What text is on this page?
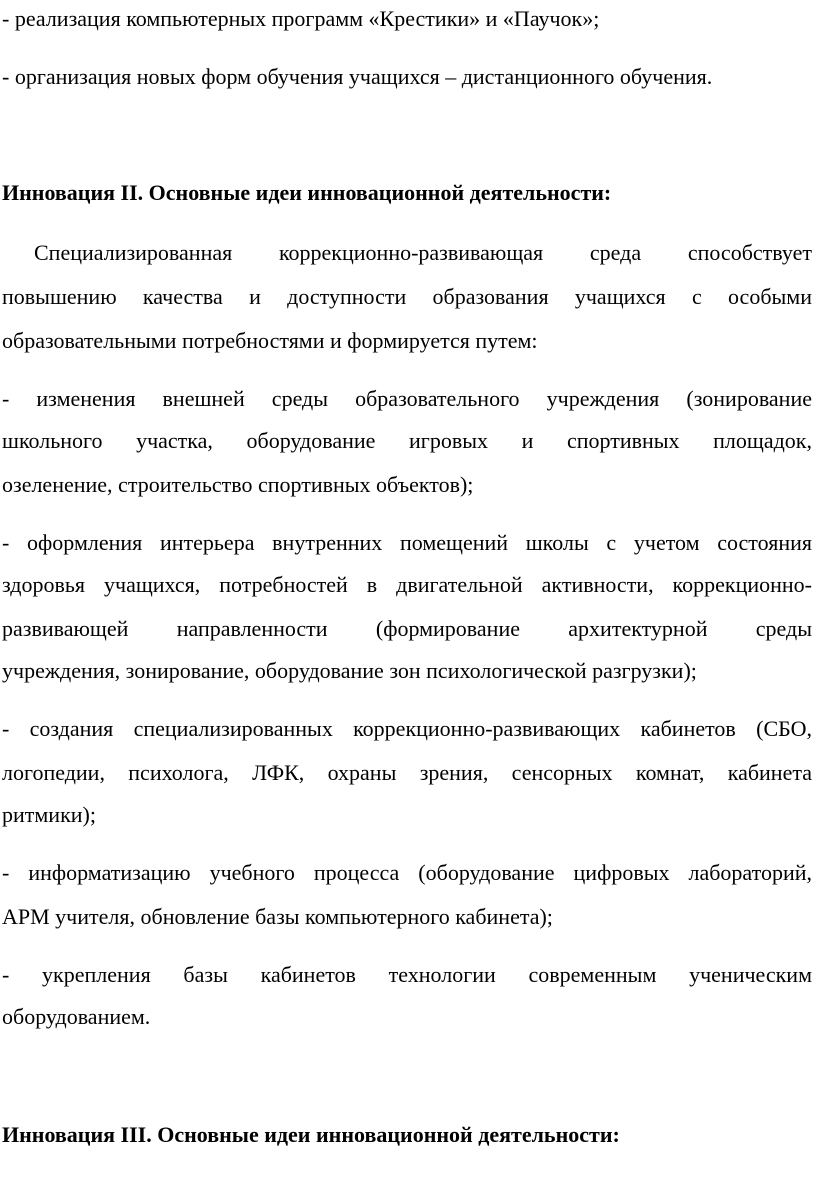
- реализация компьютерных программ «Крестики» и «Паучок»;
- организация новых форм обучения учащихся – дистанционного обучения.
Инновация II. Основные идеи инновационной деятельности:
Специализированная коррекционно-развивающая среда способствует
повышению качества и доступности образования учащихся с особыми
образовательными потребностями и формируется путем:
- изменения внешней среды образовательного учреждения (зонирование
школьного участка, оборудование игровых и спортивных площадок,
озеленение, строительство спортивных объектов);
- оформления интерьера внутренних помещений школы с учетом состояния
здоровья учащихся, потребностей в двигательной активности, коррекционно-
развивающей направленности (формирование архитектурной среды
учреждения, зонирование, оборудование зон психологической разгрузки);
- создания специализированных коррекционно-развивающих кабинетов (СБО,
логопедии, психолога, ЛФК, охраны зрения, сенсорных комнат, кабинета
ритмики);
- информатизацию учебного процесса (оборудование цифровых лабораторий,
АРМ учителя, обновление базы компьютерного кабинета);
- укрепления базы кабинетов технологии современным ученическим
оборудованием.
Инновация III. Основные идеи инновационной деятельности:
